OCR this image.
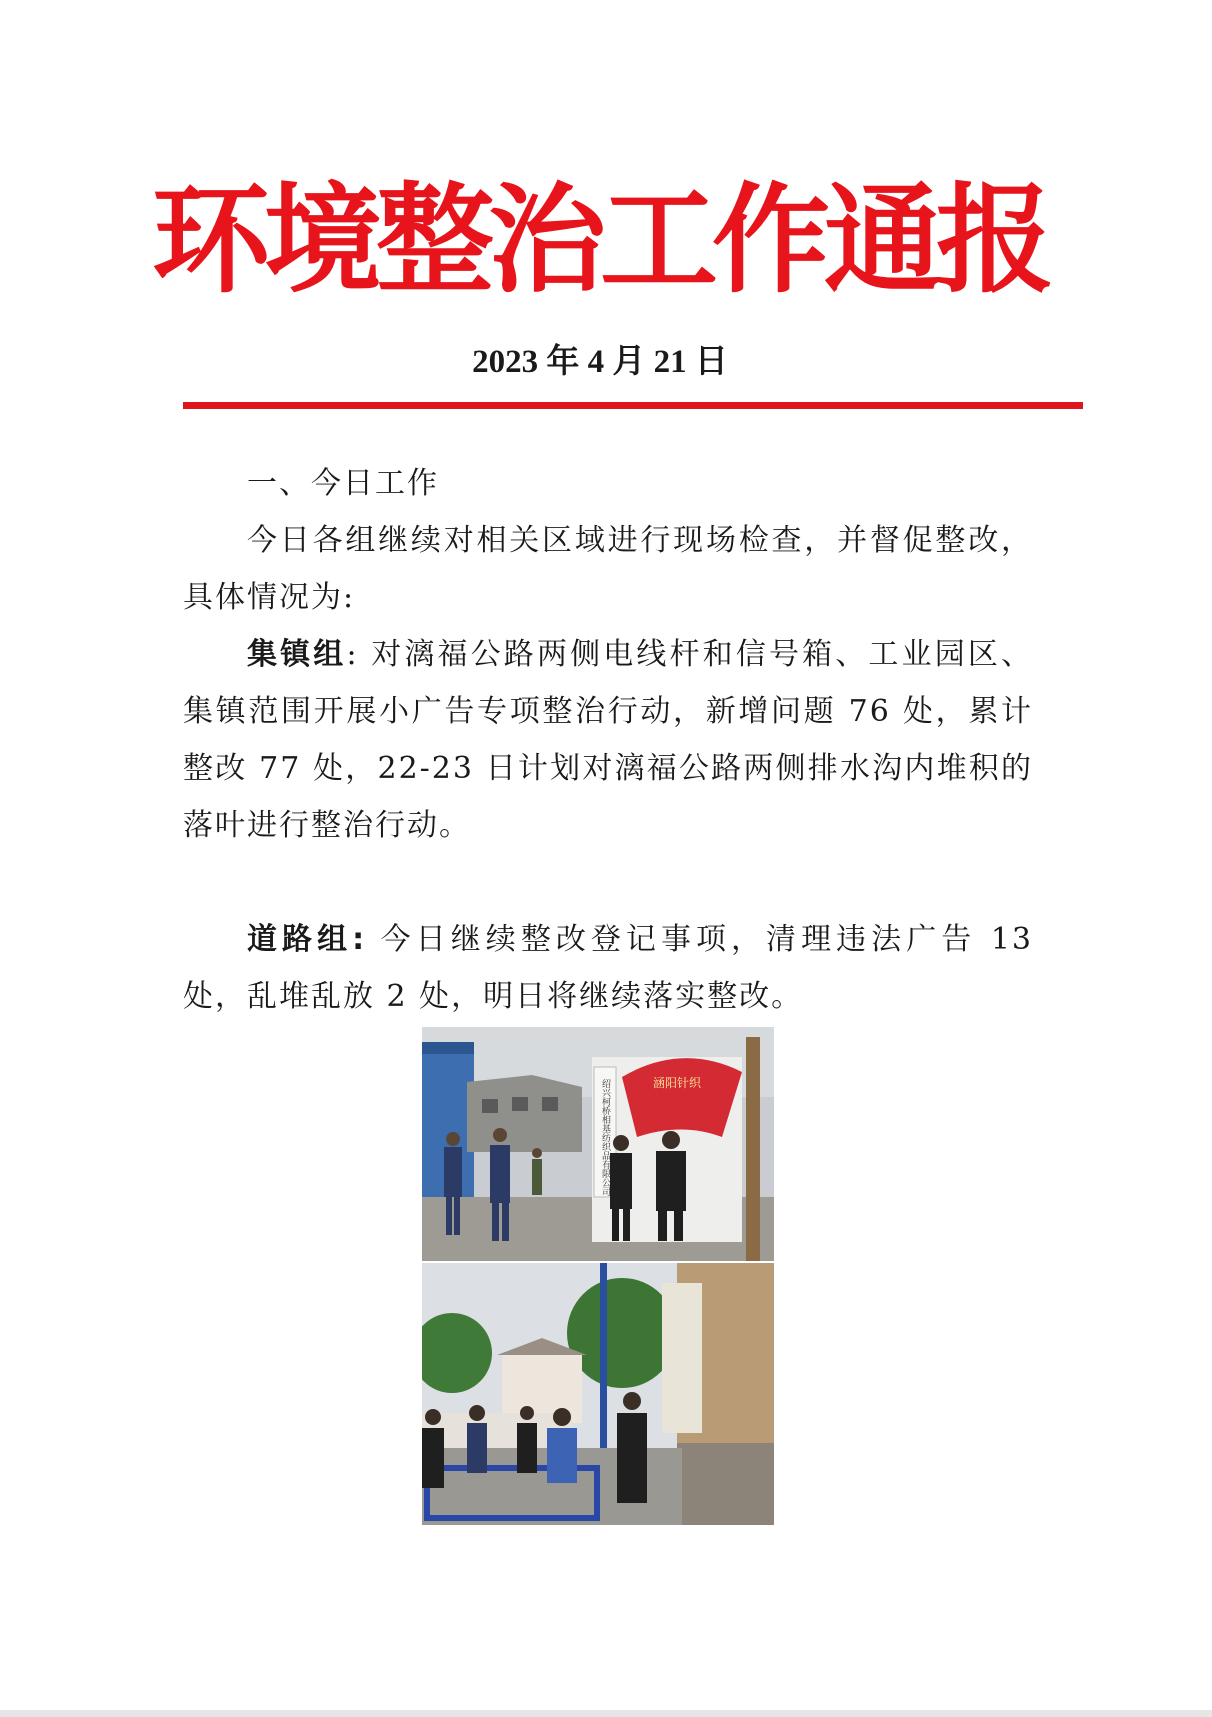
环境整治工作通报
2023 年 4 月 21 日

一、今日工作

今日各组继续对相关区域进行现场检查，并督促整改，具体情况为:

集镇组: 对漓福公路两侧电线杆和信号箱、工业园区、集镇范围开展小广告专项整治行动，新增问题 76 处，累计整改 77 处，22-23 日计划对漓福公路两侧排水沟内堆积的落叶进行整治行动。

道路组: 今日继续整改登记事项，清理违法广告 13 处，乱堆乱放 2 处，明日将继续落实整改。

绍兴柯桥相基纺织品有限公司	涵阳针织
